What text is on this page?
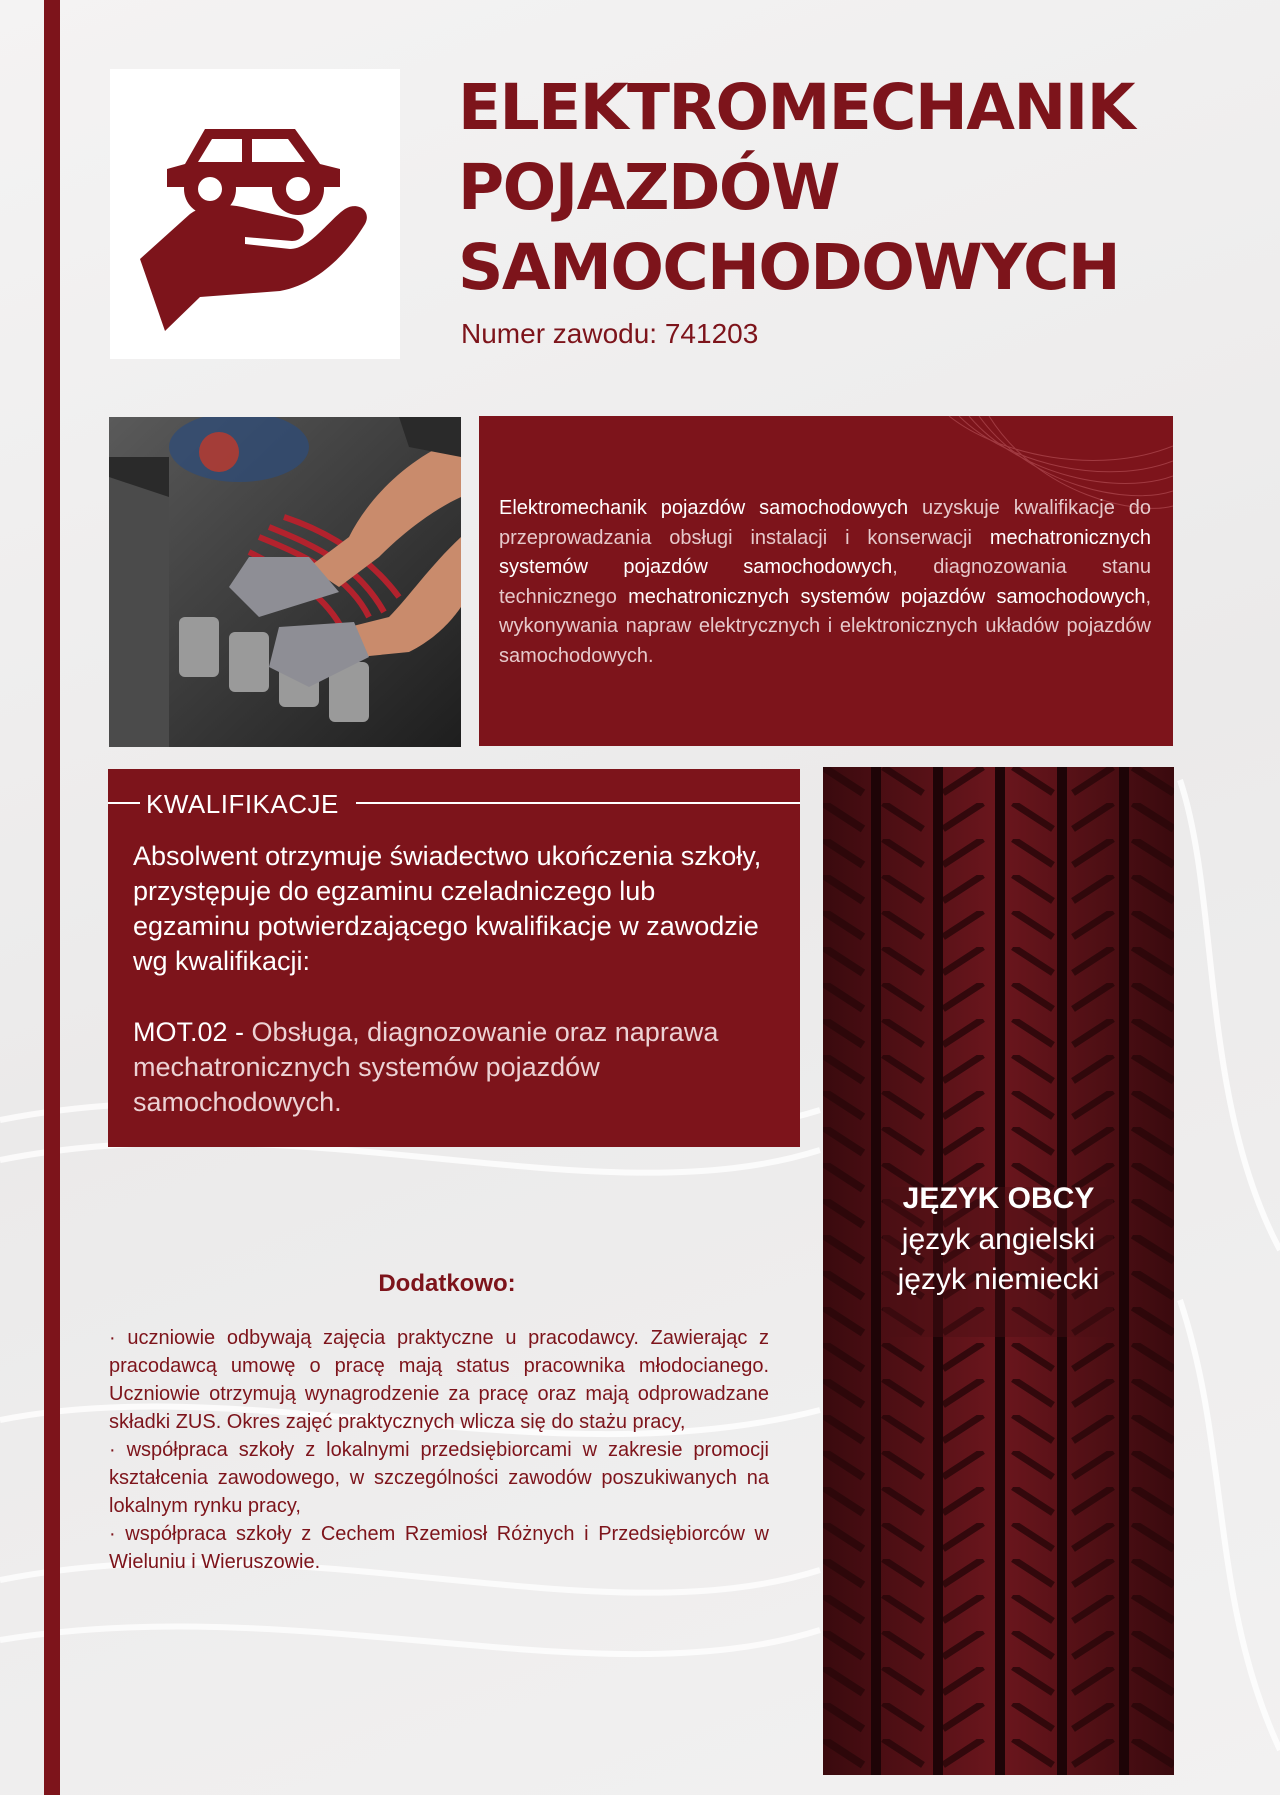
ELEKTROMECHANIK
POJAZDÓW
SAMOCHODOWYCH
Numer zawodu: 741203

Elektromechanik pojazdów samochodowych uzyskuje kwalifikacje do przeprowadzania obsługi instalacji i konserwacji mechatronicznych systemów pojazdów samochodowych, diagnozowania stanu technicznego mechatronicznych systemów pojazdów samochodowych, wykonywania napraw elektrycznych i elektronicznych układów pojazdów samochodowych.

KWALIFIKACJE

Absolwent otrzymuje świadectwo ukończenia szkoły, przystępuje do egzaminu czeladniczego lub egzaminu potwierdzającego kwalifikacje w zawodzie wg kwalifikacji:

MOT.02 - Obsługa, diagnozowanie oraz naprawa mechatronicznych systemów pojazdów samochodowych.

JĘZYK OBCY
język angielski
język niemiecki
Dodatkowo:
· uczniowie odbywają zajęcia praktyczne u pracodawcy. Zawierając z pracodawcą umowę o pracę mają status pracownika młodocianego. Uczniowie otrzymują wynagrodzenie za pracę oraz mają odprowadzane składki ZUS. Okres zajęć praktycznych wlicza się do stażu pracy,
· współpraca szkoły z lokalnymi przedsiębiorcami w zakresie promocji kształcenia zawodowego, w szczególności zawodów poszukiwanych na lokalnym rynku pracy,
· współpraca szkoły z Cechem Rzemiosł Różnych i Przedsiębiorców w Wieluniu i Wieruszowie.
